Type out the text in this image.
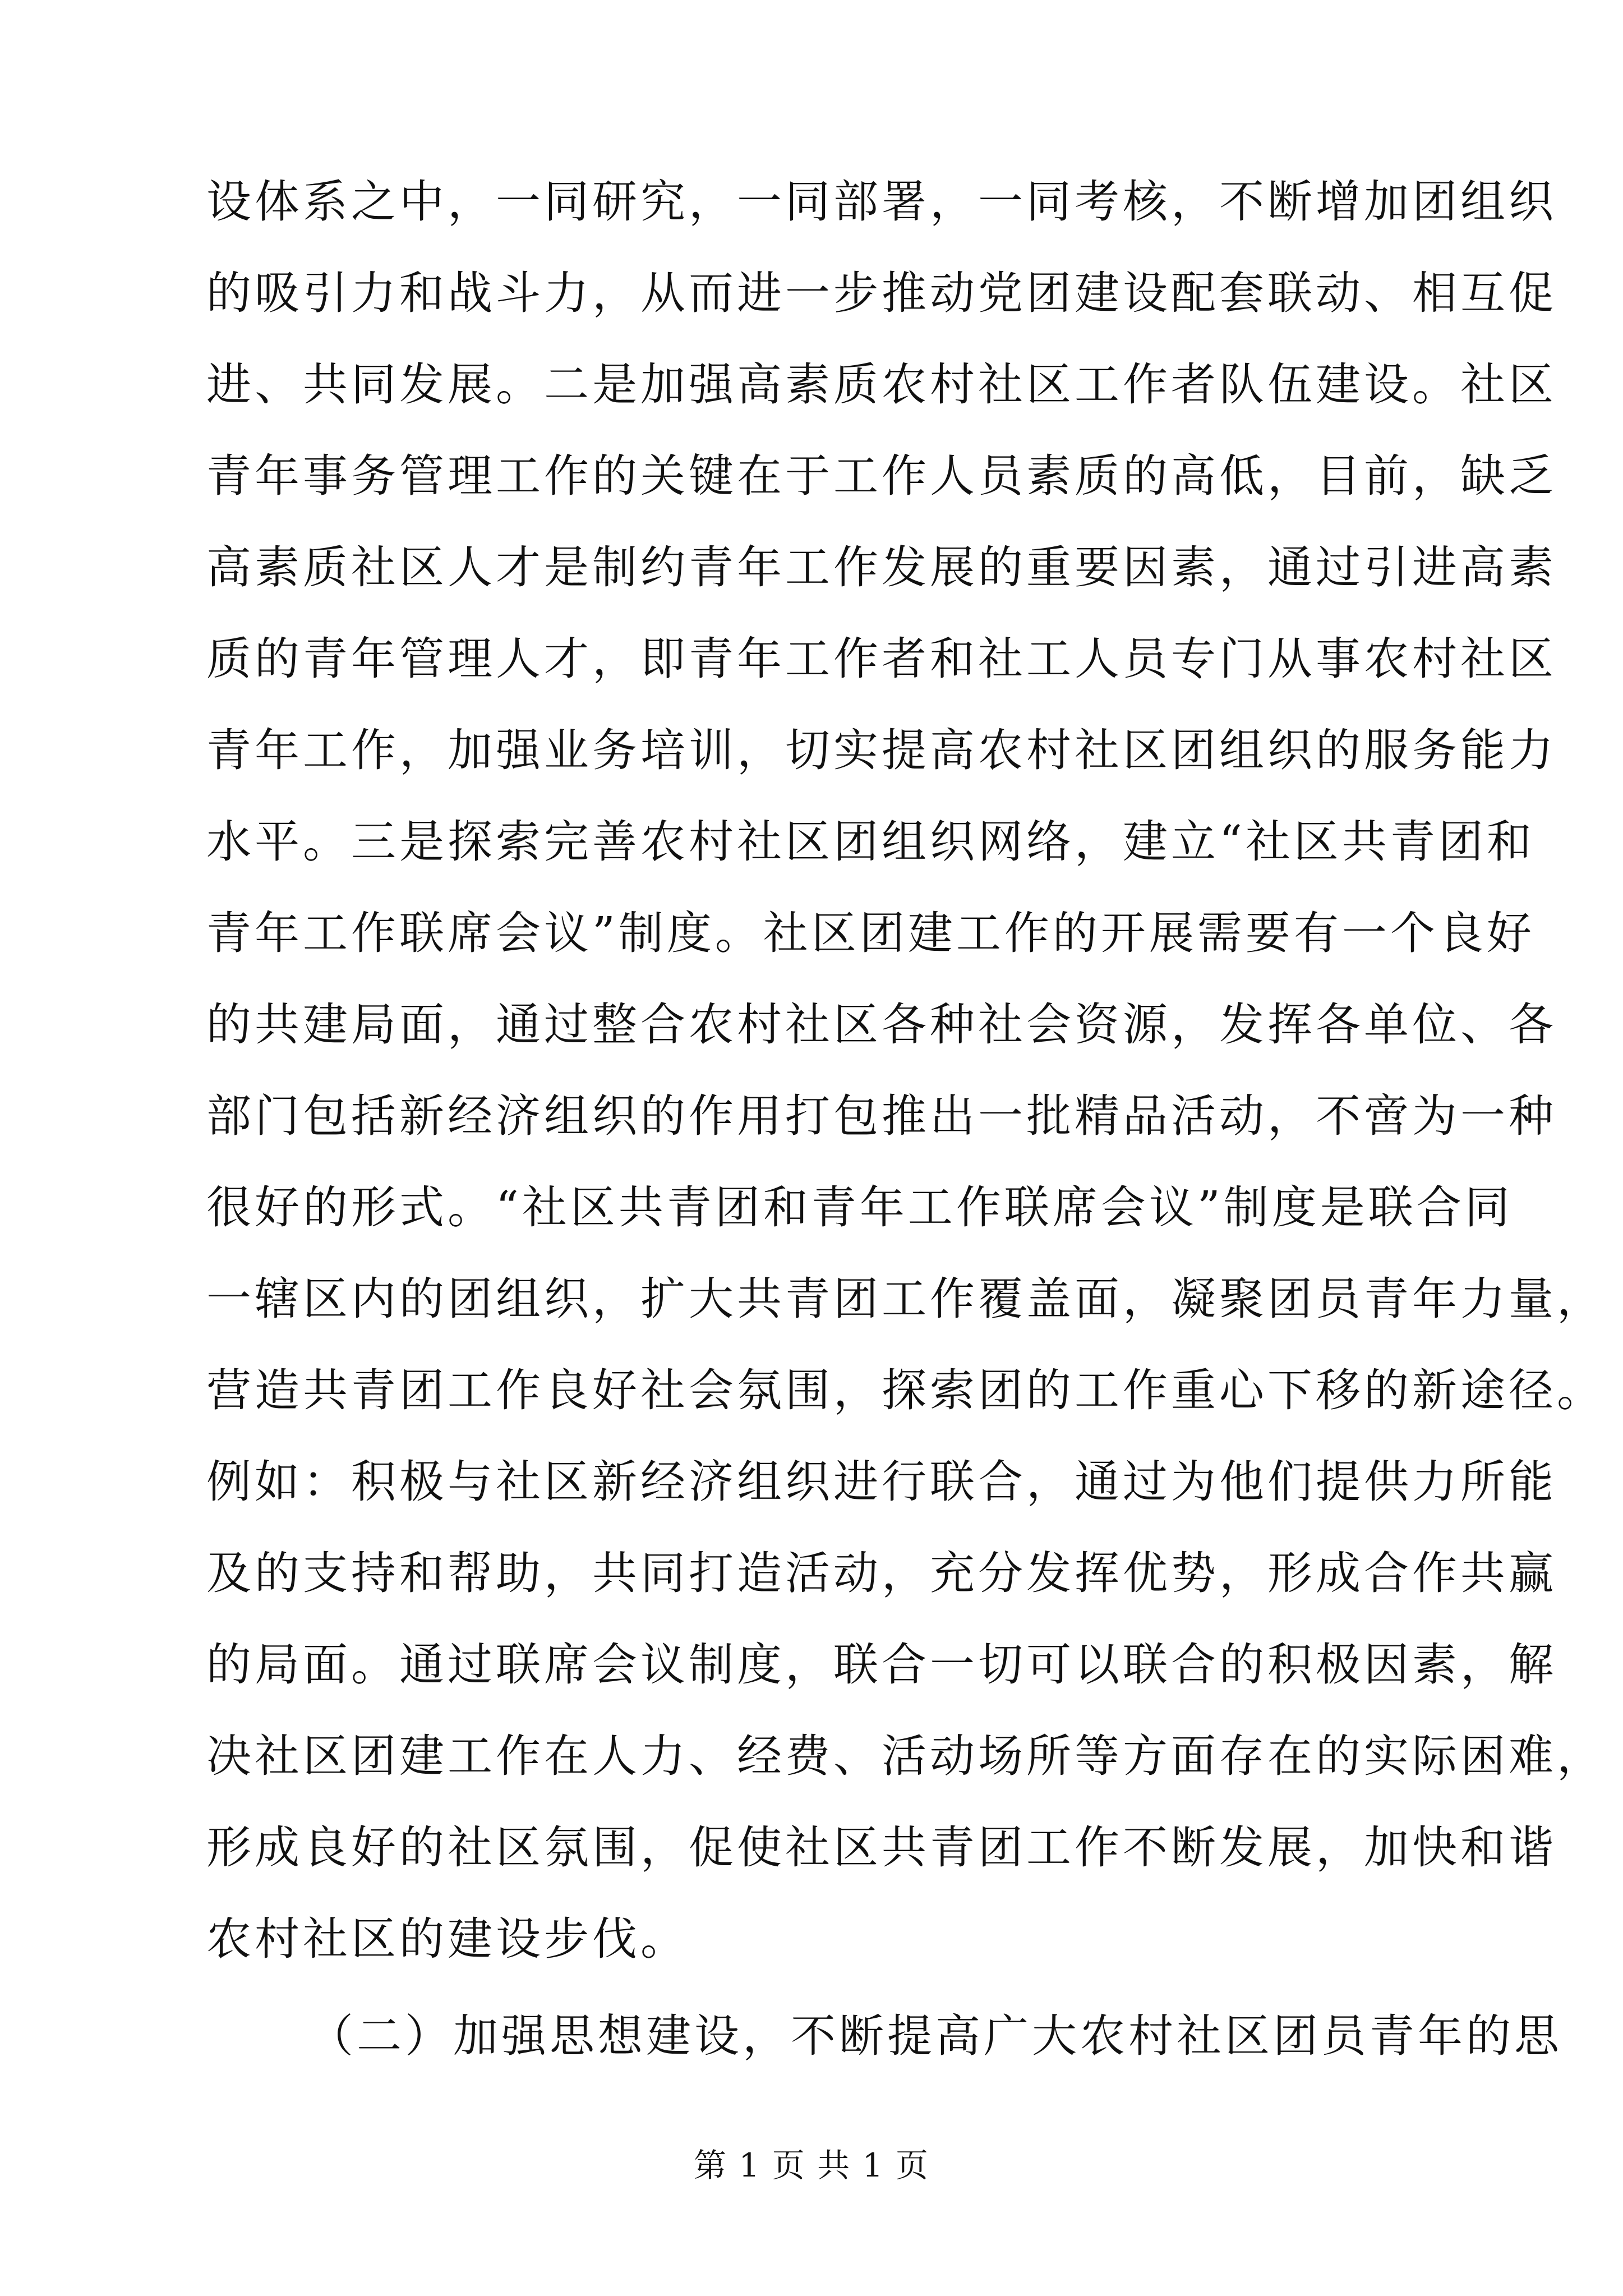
设体系之中，一同研究，一同部署，一同考核，不断增加团组织
的吸引力和战斗力，从而进一步推动党团建设配套联动、相互促
进、共同发展。二是加强高素质农村社区工作者队伍建设。社区
青年事务管理工作的关键在于工作人员素质的高低，目前，缺乏
高素质社区人才是制约青年工作发展的重要因素，通过引进高素
质的青年管理人才，即青年工作者和社工人员专门从事农村社区
青年工作，加强业务培训，切实提高农村社区团组织的服务能力
水平。三是探索完善农村社区团组织网络，建立“社区共青团和
青年工作联席会议”制度。社区团建工作的开展需要有一个良好
的共建局面，通过整合农村社区各种社会资源，发挥各单位、各
部门包括新经济组织的作用打包推出一批精品活动，不啻为一种
很好的形式。“社区共青团和青年工作联席会议”制度是联合同
一辖区内的团组织，扩大共青团工作覆盖面，凝聚团员青年力量，
营造共青团工作良好社会氛围，探索团的工作重心下移的新途径。
例如：积极与社区新经济组织进行联合，通过为他们提供力所能
及的支持和帮助，共同打造活动，充分发挥优势，形成合作共赢
的局面。通过联席会议制度，联合一切可以联合的积极因素，解
决社区团建工作在人力、经费、活动场所等方面存在的实际困难，
形成良好的社区氛围，促使社区共青团工作不断发展，加快和谐
农村社区的建设步伐。
（二）加强思想建设，不断提高广大农村社区团员青年的思
第 1 页 共 1 页
